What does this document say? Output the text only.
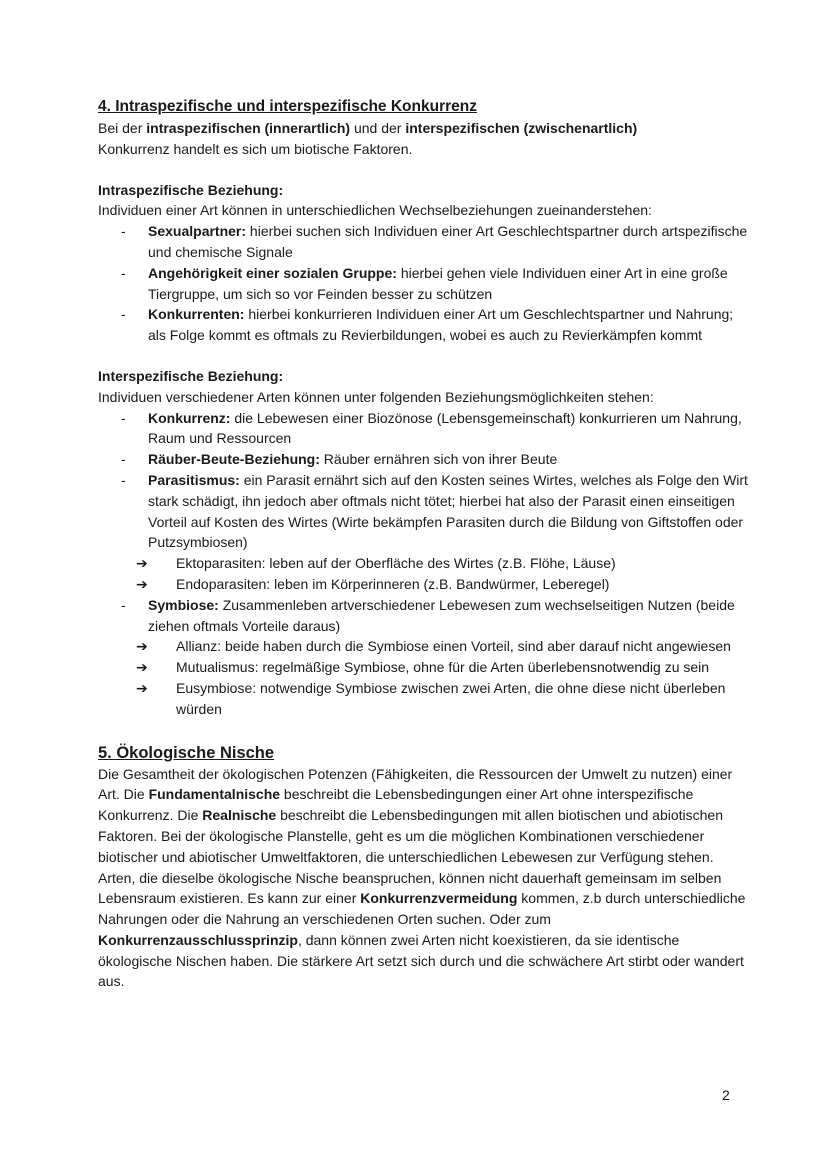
4. Intraspezifische und interspezifische Konkurrenz

Bei der intraspezifischen (innerartlich) und der interspezifischen (zwischenartlich)
Konkurrenz handelt es sich um biotische Faktoren.

Intraspezifische Beziehung:

Individuen einer Art können in unterschiedlichen Wechselbeziehungen zueinanderstehen:

- Sexualpartner: hierbei suchen sich Individuen einer Art Geschlechtspartner durch artspezifische und chemische Signale
- Angehörigkeit einer sozialen Gruppe: hierbei gehen viele Individuen einer Art in eine große Tiergruppe, um sich so vor Feinden besser zu schützen
- Konkurrenten: hierbei konkurrieren Individuen einer Art um Geschlechtspartner und Nahrung; als Folge kommt es oftmals zu Revierbildungen, wobei es auch zu Revierkämpfen kommt

Interspezifische Beziehung:

Individuen verschiedener Arten können unter folgenden Beziehungsmöglichkeiten stehen:

- Konkurrenz: die Lebewesen einer Biozönose (Lebensgemeinschaft) konkurrieren um Nahrung, Raum und Ressourcen
- Räuber-Beute-Beziehung: Räuber ernähren sich von ihrer Beute
- Parasitismus: ein Parasit ernährt sich auf den Kosten seines Wirtes, welches als Folge den Wirt stark schädigt, ihn jedoch aber oftmals nicht tötet; hierbei hat also der Parasit einen einseitigen Vorteil auf Kosten des Wirtes (Wirte bekämpfen Parasiten durch die Bildung von Giftstoffen oder Putzsymbiosen)
➔ Ektoparasiten: leben auf der Oberfläche des Wirtes (z.B. Flöhe, Läuse)
➔ Endoparasiten: leben im Körperinneren (z.B. Bandwürmer, Leberegel)
- Symbiose: Zusammenleben artverschiedener Lebewesen zum wechselseitigen Nutzen (beide ziehen oftmals Vorteile daraus)
➔ Allianz: beide haben durch die Symbiose einen Vorteil, sind aber darauf nicht angewiesen
➔ Mutualismus: regelmäßige Symbiose, ohne für die Arten überlebensnotwendig zu sein
➔ Eusymbiose: notwendige Symbiose zwischen zwei Arten, die ohne diese nicht überleben würden
5. Ökologische Nische

Die Gesamtheit der ökologischen Potenzen (Fähigkeiten, die Ressourcen der Umwelt zu nutzen) einer Art. Die Fundamentalnische beschreibt die Lebensbedingungen einer Art ohne interspezifische Konkurrenz. Die Realnische beschreibt die Lebensbedingungen mit allen biotischen und abiotischen Faktoren. Bei der ökologische Planstelle, geht es um die möglichen Kombinationen verschiedener biotischer und abiotischer Umweltfaktoren, die unterschiedlichen Lebewesen zur Verfügung stehen.

Arten, die dieselbe ökologische Nische beanspruchen, können nicht dauerhaft gemeinsam im selben Lebensraum existieren. Es kann zur einer Konkurrenzvermeidung kommen, z.b durch unterschiedliche Nahrungen oder die Nahrung an verschiedenen Orten suchen. Oder zum Konkurrenzausschlussprinzip, dann können zwei Arten nicht koexistieren, da sie identische ökologische Nischen haben. Die stärkere Art setzt sich durch und die schwächere Art stirbt oder wandert aus.

2
